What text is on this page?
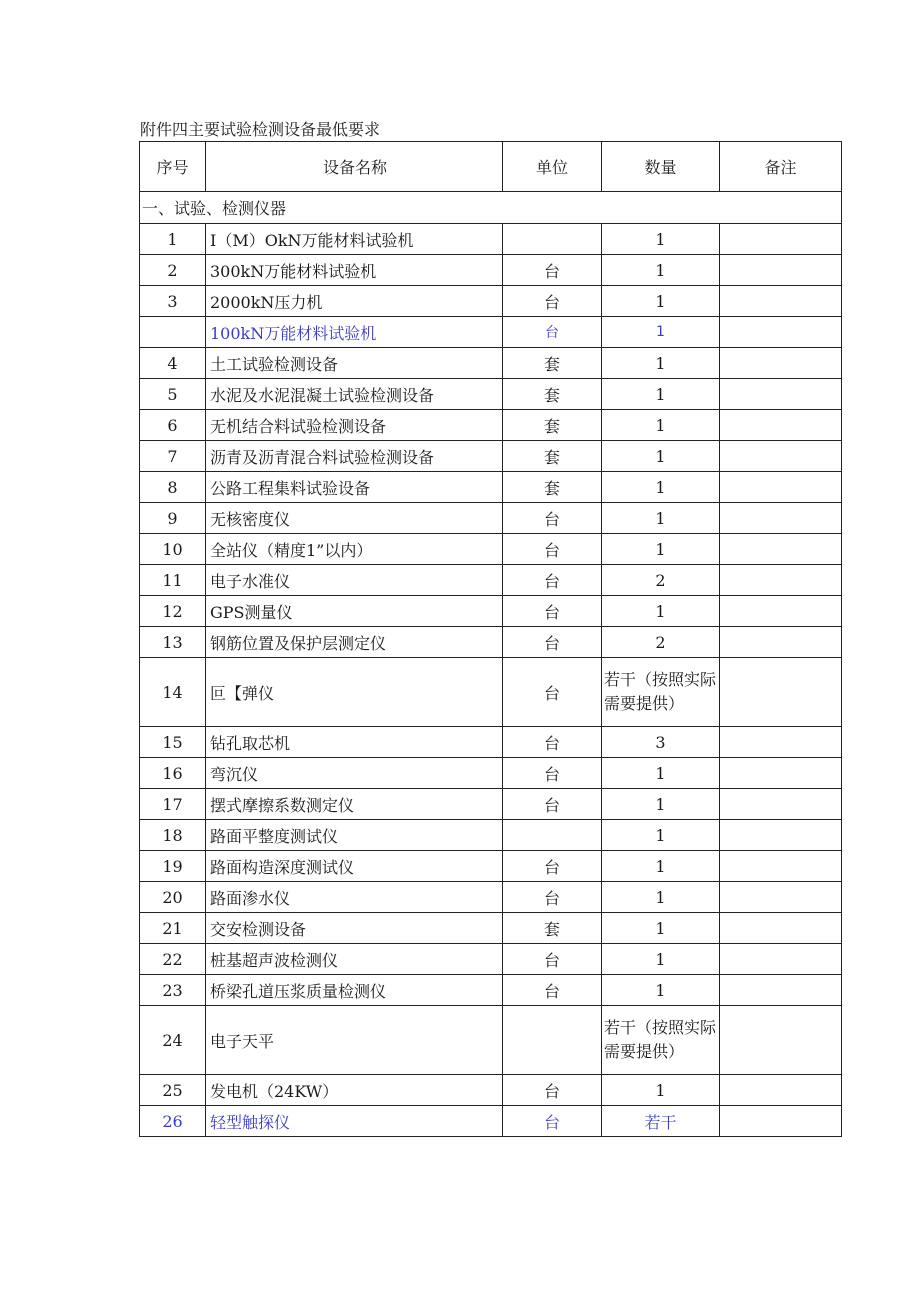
附件四主要试验检测设备最低要求
序号	设备名称	单位	数量	备注
一、试验、检测仪器				
1	I（M）OkN万能材料试验机		1	
2	300kN万能材料试验机	台	1	
3	2000kN压力机	台	1	
	100kN万能材料试验机	台	1	
4	土工试验检测设备	套	1	
5	水泥及水泥混凝土试验检测设备	套	1	
6	无机结合料试验检测设备	套	1	
7	沥青及沥青混合料试验检测设备	套	1	
8	公路工程集料试验设备	套	1	
9	无核密度仪	台	1	
10	全站仪（精度1”以内）	台	1	
11	电子水准仪	台	2	
12	GPS测量仪	台	1	
13	钢筋位置及保护层测定仪	台	2	
14	叵【弹仪	台	若干（按照实际需要提供）	
15	钻孔取芯机	台	3	
16	弯沉仪	台	1	
17	摆式摩擦系数测定仪	台	1	
18	路面平整度测试仪		1	
19	路面构造深度测试仪	台	1	
20	路面渗水仪	台	1	
21	交安检测设备	套	1	
22	桩基超声波检测仪	台	1	
23	桥梁孔道压浆质量检测仪	台	1	
24	电子天平		若干（按照实际需要提供）	
25	发电机（24KW）	台	1	
26	轻型触探仪	台	若干	
